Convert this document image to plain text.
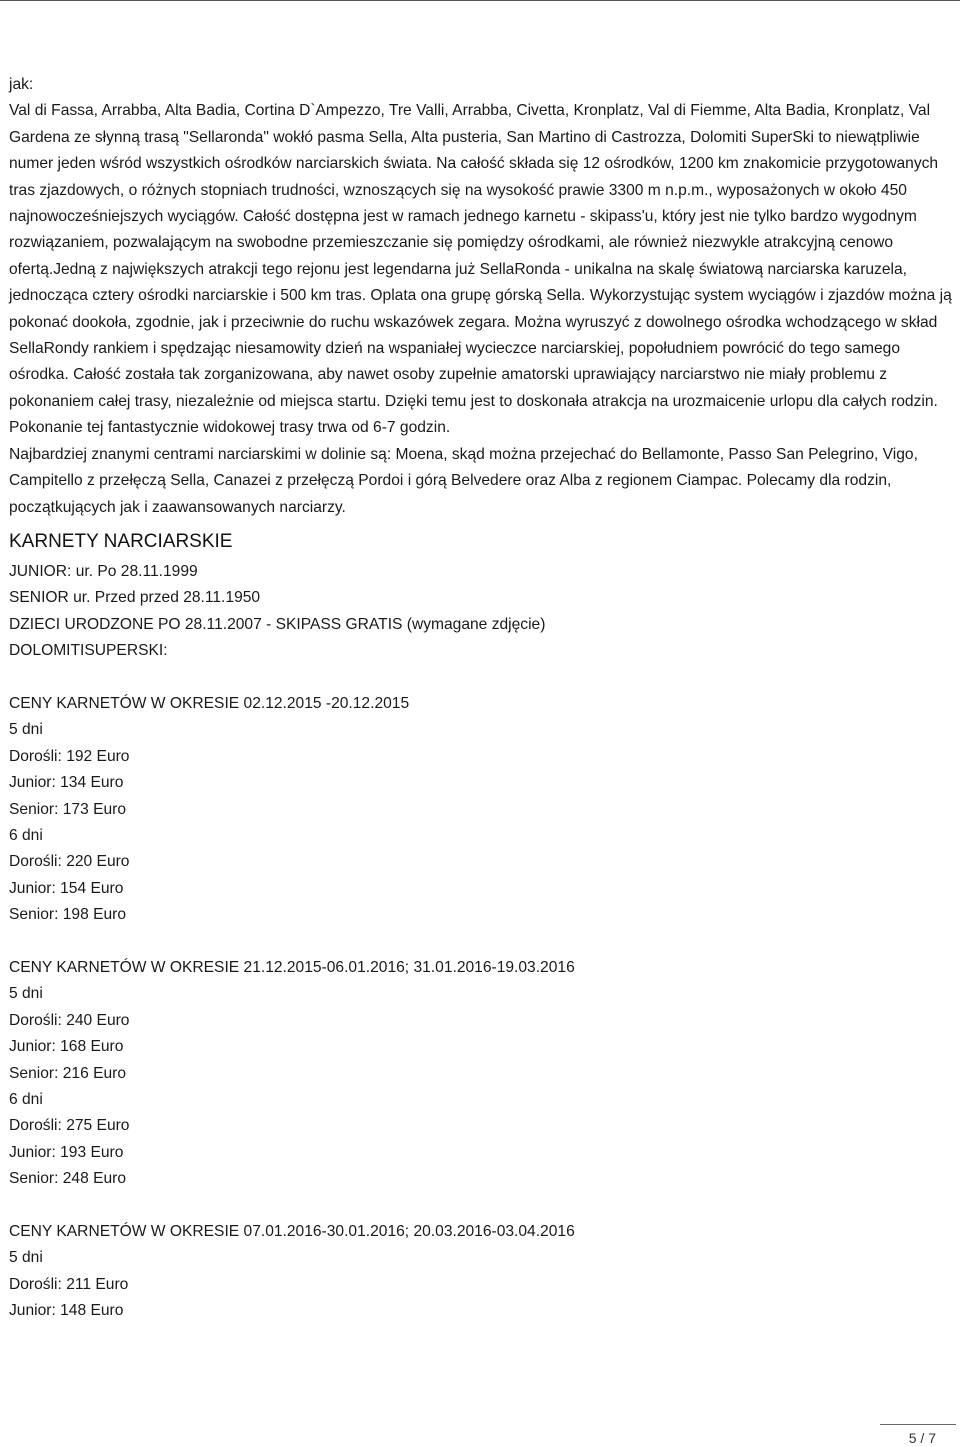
jak:

Val di Fassa, Arrabba, Alta Badia, Cortina D`Ampezzo, Tre Valli, Arrabba, Civetta, Kronplatz, Val di Fiemme, Alta Badia, Kronplatz, Val Gardena ze słynną trasą "Sellaronda" wokłó pasma Sella, Alta pusteria, San Martino di Castrozza, Dolomiti SuperSki to niewątpliwie numer jeden wśród wszystkich ośrodków narciarskich świata. Na całość składa się 12 ośrodków, 1200 km znakomicie przygotowanych tras zjazdowych, o różnych stopniach trudności, wznoszących się na wysokość prawie 3300 m n.p.m., wyposażonych w około 450 najnowocześniejszych wyciągów. Całość dostępna jest w ramach jednego karnetu - skipass'u, który jest nie tylko bardzo wygodnym rozwiązaniem, pozwalającym na swobodne przemieszczanie się pomiędzy ośrodkami, ale również niezwykle atrakcyjną cenowo ofertą.Jedną z największych atrakcji tego rejonu jest legendarna już SellaRonda - unikalna na skalę światową narciarska karuzela, jednocząca cztery ośrodki narciarskie i 500 km tras. Oplata ona grupę górską Sella. Wykorzystując system wyciągów i zjazdów można ją pokonać dookoła, zgodnie, jak i przeciwnie do ruchu wskazówek zegara. Można wyruszyć z dowolnego ośrodka wchodzącego w skład SellaRondy rankiem i spędzając niesamowity dzień na wspaniałej wycieczce narciarskiej, popołudniem powrócić do tego samego ośrodka. Całość została tak zorganizowana, aby nawet osoby zupełnie amatorski uprawiający narciarstwo nie miały problemu z pokonaniem całej trasy, niezależnie od miejsca startu. Dzięki temu jest to doskonała atrakcja na urozmaicenie urlopu dla całych rodzin. Pokonanie tej fantastycznie widokowej trasy trwa od 6-7 godzin.

Najbardziej znanymi centrami narciarskimi w dolinie są: Moena, skąd można przejechać do Bellamonte, Passo San Pelegrino, Vigo, Campitello z przełęczą Sella, Canazei z przełęczą Pordoi i górą Belvedere oraz Alba z regionem Ciampac. Polecamy dla rodzin, początkujących jak i zaawansowanych narciarzy.

KARNETY NARCIARSKIE

JUNIOR: ur. Po 28.11.1999

SENIOR ur. Przed przed 28.11.1950

DZIECI URODZONE PO 28.11.2007 - SKIPASS GRATIS (wymagane zdjęcie)

DOLOMITISUPERSKI:

CENY KARNETÓW W OKRESIE 02.12.2015 -20.12.2015

5 dni

Dorośli: 192 Euro

Junior: 134 Euro

Senior: 173 Euro

6 dni

Dorośli: 220 Euro

Junior: 154 Euro

Senior: 198 Euro

CENY KARNETÓW W OKRESIE 21.12.2015-06.01.2016; 31.01.2016-19.03.2016

5 dni

Dorośli: 240 Euro

Junior: 168 Euro

Senior: 216 Euro

6 dni

Dorośli: 275 Euro

Junior: 193 Euro

Senior: 248 Euro

CENY KARNETÓW W OKRESIE 07.01.2016-30.01.2016; 20.03.2016-03.04.2016

5 dni

Dorośli: 211 Euro

Junior: 148 Euro

5 / 7
